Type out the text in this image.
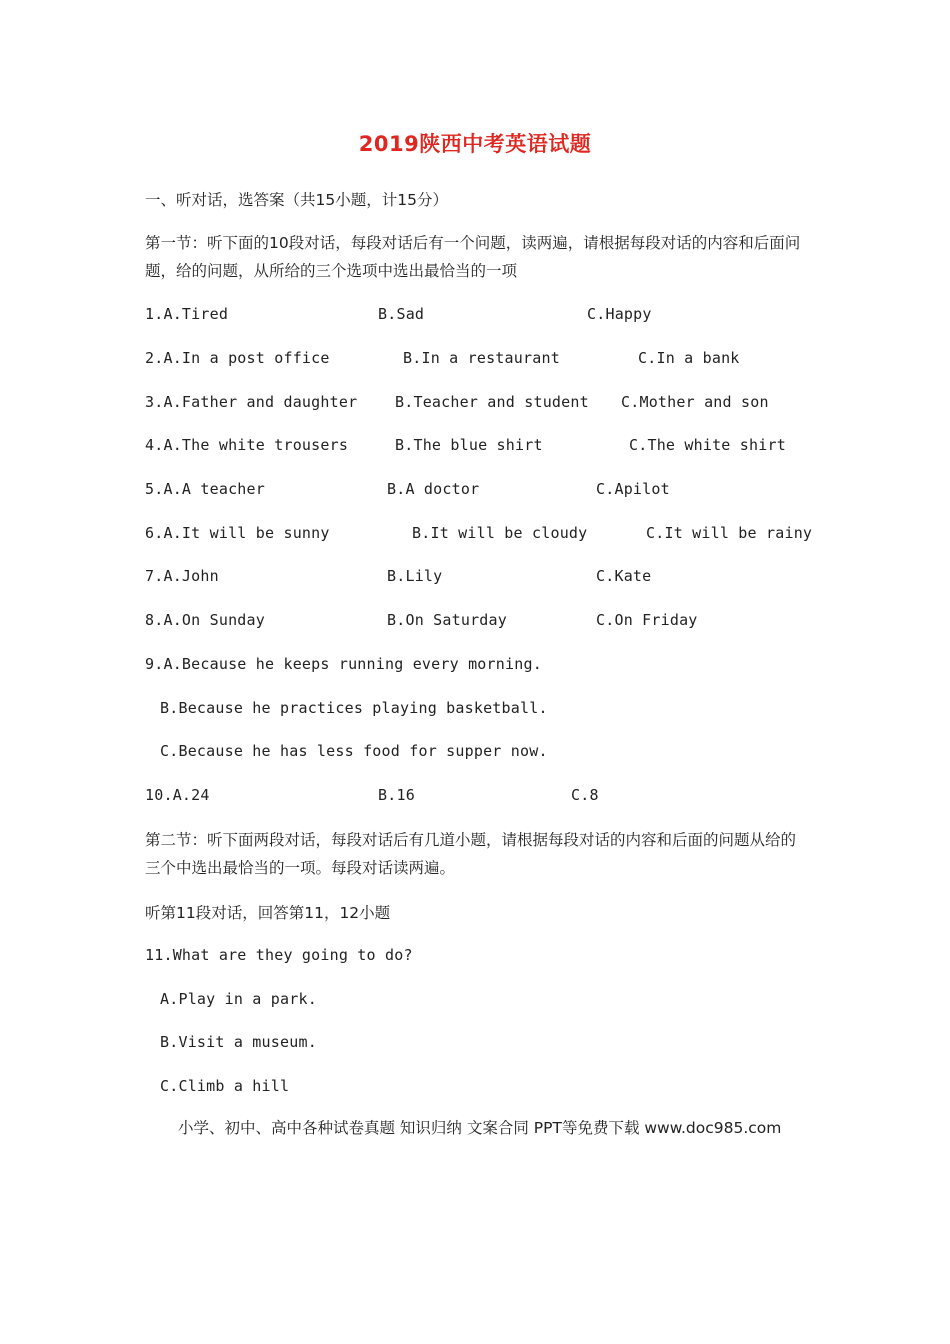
2019陕西中考英语试题
一、听对话，选答案（共15小题，计15分）
第一节：听下面的10段对话，每段对话后有一个问题，读两遍，请根据每段对话的内容和后面问题，给的问题，从所给的三个选项中选出最恰当的一项
1.A.Tired	B.Sad	C.Happy
2.A.In a post office	B.In a restaurant	C.In a bank
3.A.Father and daughter	B.Teacher and student C.Mother and son
4.A.The white trousers	B.The blue shirt	C.The white shirt
5.A.A teacher	B.A doctor	C.Apilot
6.A.It will be sunny	B.It will be cloudy	C.It will be rainy
7.A.John	B.Lily	C.Kate
8.A.On Sunday	B.On Saturday	C.On Friday
9.A.Because he keeps running every morning.
B.Because he practices playing basketball.
C.Because he has less food for supper now.
10.A.24	B.16	C.8
第二节：听下面两段对话，每段对话后有几道小题，请根据每段对话的内容和后面的问题从给的三个中选出最恰当的一项。每段对话读两遍。
听第11段对话，回答第11，12小题
11.What are they going to do?
A.Play in a park.
B.Visit a museum.
C.Climb a hill
小学、初中、高中各种试卷真题 知识归纳 文案合同 PPT等免费下载 www.doc985.com
